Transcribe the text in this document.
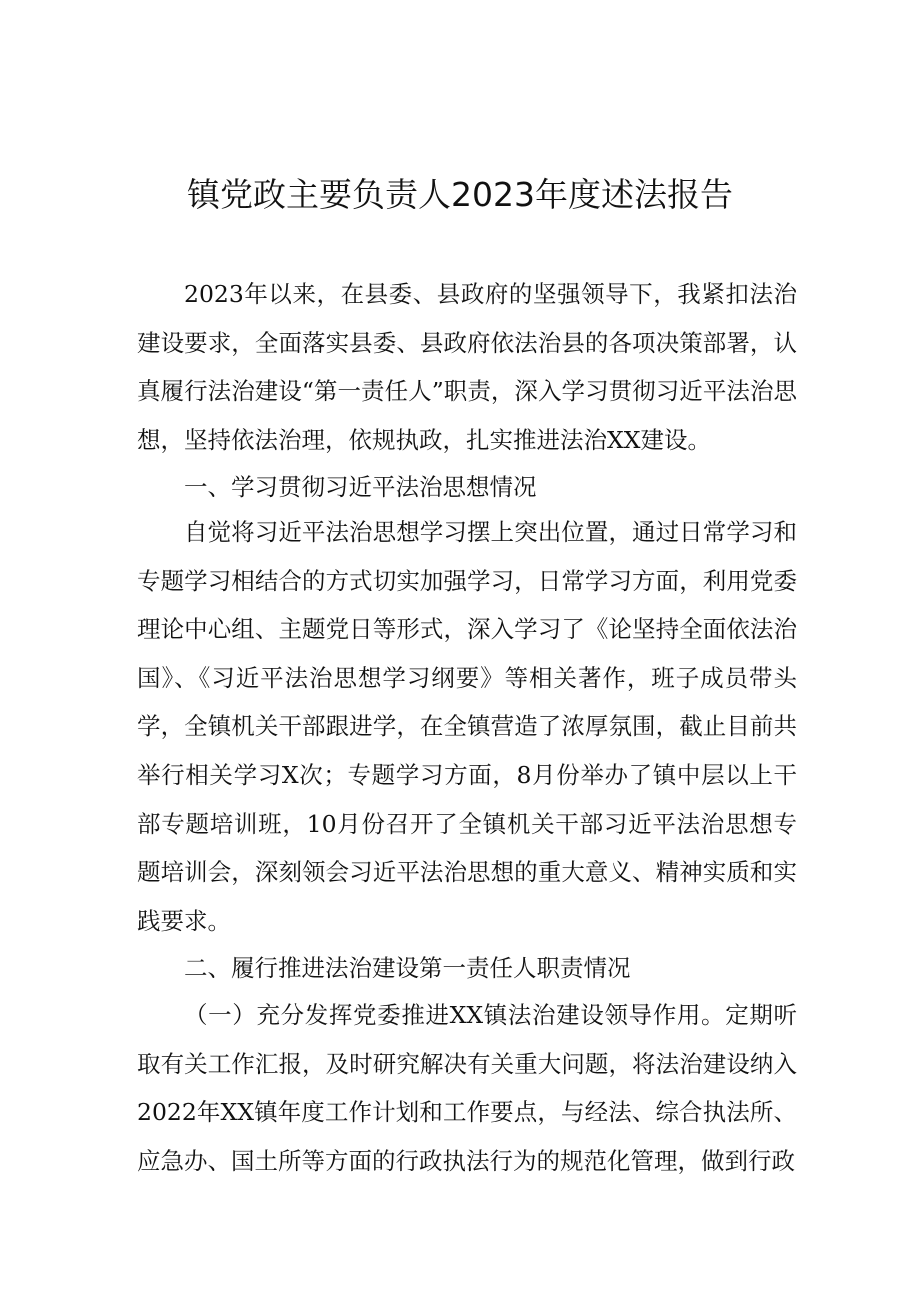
镇党政主要负责人2023年度述法报告

2023年以来，在县委、县政府的坚强领导下，我紧扣法治建设要求，全面落实县委、县政府依法治县的各项决策部署，认真履行法治建设“第一责任人”职责，深入学习贯彻习近平法治思想，坚持依法治理，依规执政，扎实推进法治XX建设。

一、学习贯彻习近平法治思想情况

自觉将习近平法治思想学习摆上突出位置，通过日常学习和专题学习相结合的方式切实加强学习，日常学习方面，利用党委理论中心组、主题党日等形式，深入学习了《论坚持全面依法治国》、《习近平法治思想学习纲要》等相关著作，班子成员带头学，全镇机关干部跟进学，在全镇营造了浓厚氛围，截止目前共举行相关学习X次；专题学习方面，8月份举办了镇中层以上干部专题培训班，10月份召开了全镇机关干部习近平法治思想专题培训会，深刻领会习近平法治思想的重大意义、精神实质和实践要求。

二、履行推进法治建设第一责任人职责情况

（一）充分发挥党委推进XX镇法治建设领导作用。定期听取有关工作汇报，及时研究解决有关重大问题，将法治建设纳入2022年XX镇年度工作计划和工作要点，与经法、综合执法所、应急办、国土所等方面的行政执法行为的规范化管理，做到行政
